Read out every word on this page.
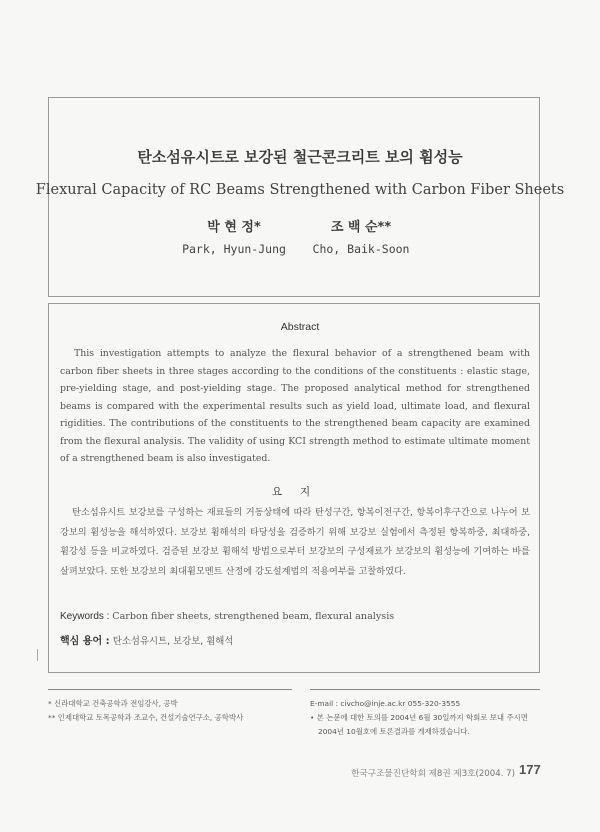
탄소섬유시트로 보강된 철근콘크리트 보의 휨성능
Flexural Capacity of RC Beams Strengthened with Carbon Fiber Sheets
박 현 정*
Park, Hyun-Jung
조 백 순**
Cho, Baik-Soon
Abstract

This investigation attempts to analyze the flexural behavior of a strengthened beam with carbon fiber sheets in three stages according to the conditions of the constituents : elastic stage, pre-yielding stage, and post-yielding stage. The proposed analytical method for strengthened beams is compared with the experimental results such as yield load, ultimate load, and flexural rigidities. The contributions of the constituents to the strengthened beam capacity are examined from the flexural analysis. The validity of using KCI strength method to estimate ultimate moment of a strengthened beam is also investigated.

요지

탄소섬유시트 보강보를 구성하는 재료들의 거동상태에 따라 탄성구간, 항복이전구간, 항복이후구간으로 나누어 보강보의 휨성능을 해석하였다. 보강보 휨해석의 타당성을 검증하기 위해 보강보 실험에서 측정된 항복하중, 최대하중, 휨강성 등을 비교하였다. 검증된 보강보 휨해석 방법으로부터 보강보의 구성재료가 보강보의 휨성능에 기여하는 바를 살펴보았다. 또한 보강보의 최대휨모멘트 산정에 강도설계법의 적용여부를 고찰하였다.

Keywords : Carbon fiber sheets, strengthened beam, flexural analysis
핵심 용어 : 탄소섬유시트, 보강보, 휨해석

* 신라대학교 건축공학과 전임강사, 공박

** 인제대학교 토목공학과 조교수, 건설기술연구소, 공학박사

E-mail : civcho@inje.ac.kr 055-320-3555

• 본 논문에 대한 토의를 2004년 6월 30일까지 학회로 보내 주시면 2004년 10월호에 토론결과를 게재하겠습니다.

한국구조물진단학회 제8권 제3호(2004. 7) 177
